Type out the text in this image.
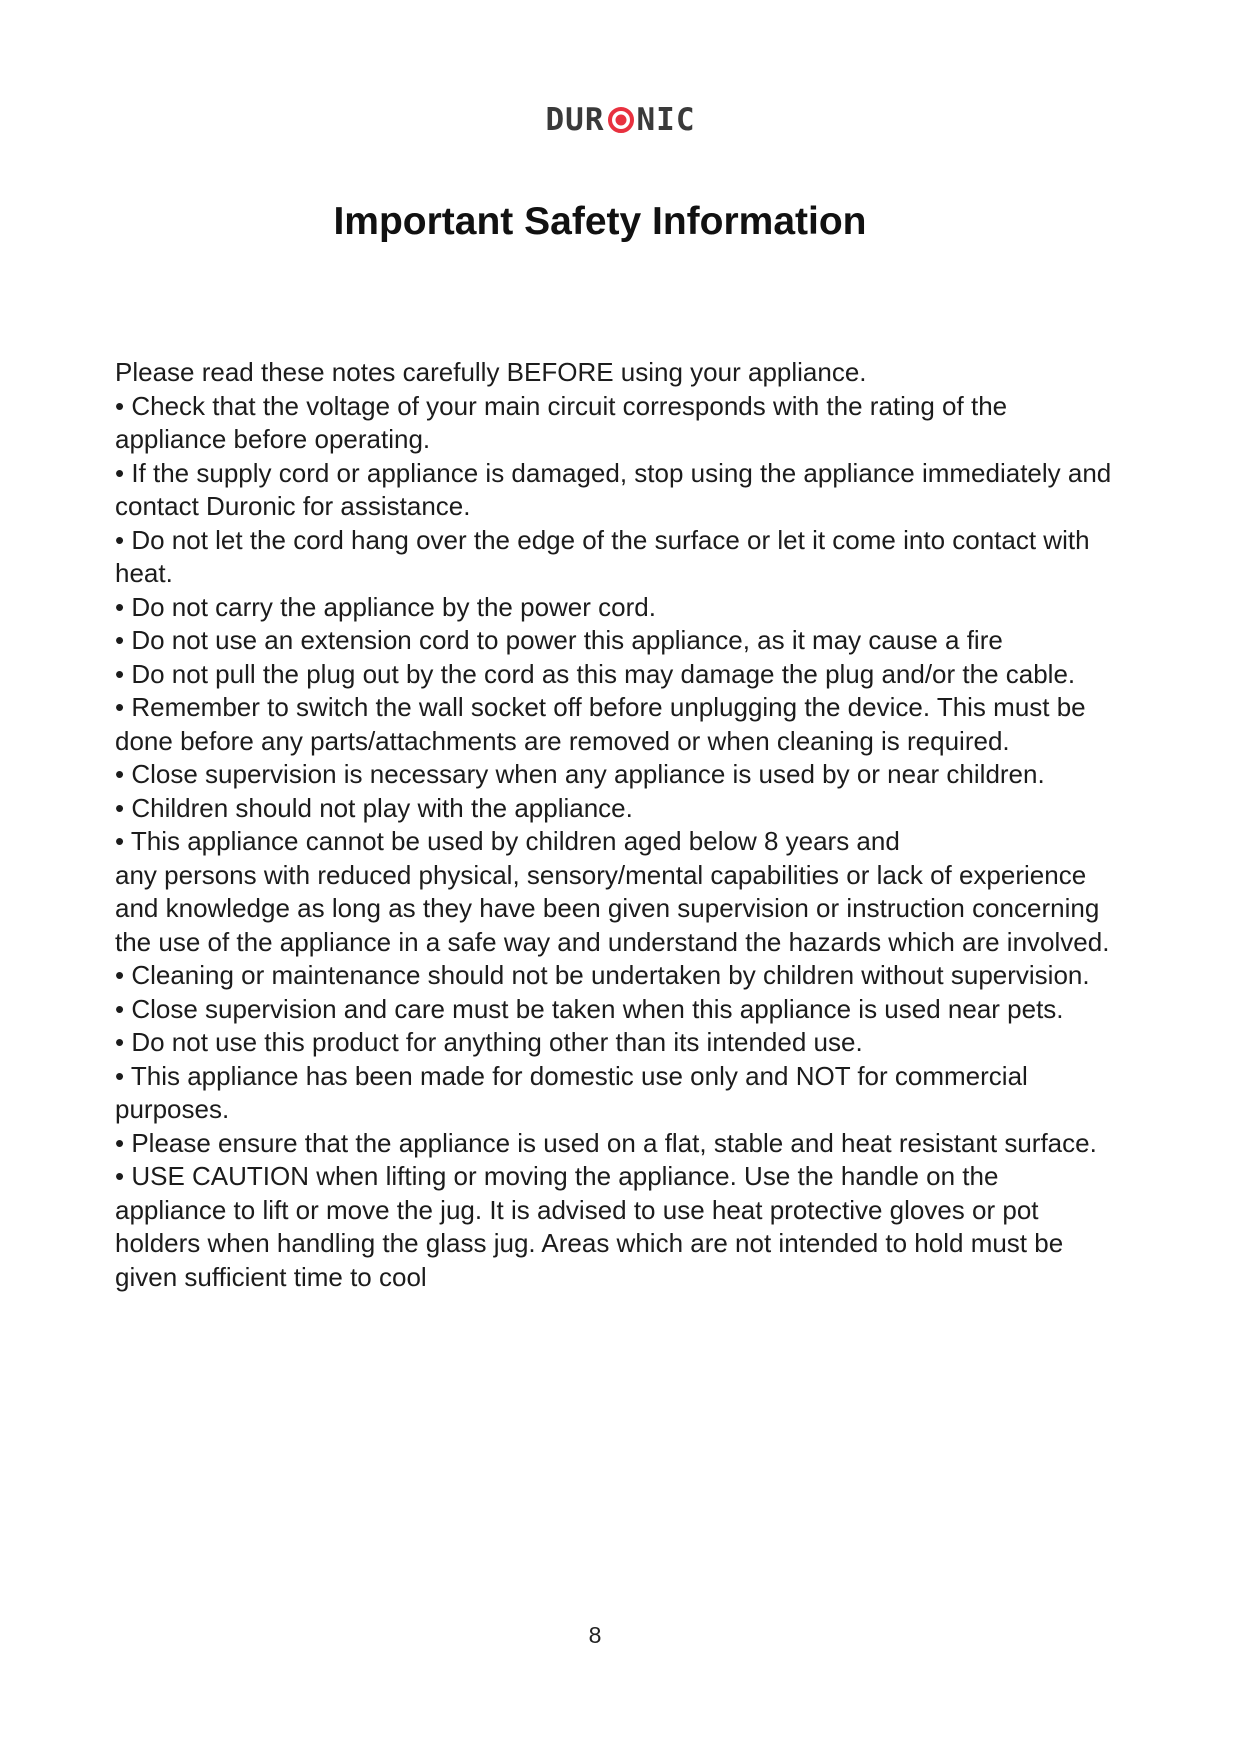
DUR NIC
Important Safety Information

Please read these notes carefully BEFORE using your appliance.

• Check that the voltage of your main circuit corresponds with the rating of the appliance before operating.

• If the supply cord or appliance is damaged, stop using the appliance immediately and contact Duronic for assistance.

• Do not let the cord hang over the edge of the surface or let it come into contact with heat.

• Do not carry the appliance by the power cord.

• Do not use an extension cord to power this appliance, as it may cause a fire

• Do not pull the plug out by the cord as this may damage the plug and/or the cable.

• Remember to switch the wall socket off before unplugging the device. This must be done before any parts/attachments are removed or when cleaning is required.

• Close supervision is necessary when any appliance is used by or near children.

• Children should not play with the appliance.

• This appliance cannot be used by children aged below 8 years and

any persons with reduced physical, sensory/mental capabilities or lack of experience and knowledge as long as they have been given supervision or instruction concerning the use of the appliance in a safe way and understand the hazards which are involved.

• Cleaning or maintenance should not be undertaken by children without supervision.

• Close supervision and care must be taken when this appliance is used near pets.

• Do not use this product for anything other than its intended use.

• This appliance has been made for domestic use only and NOT for commercial purposes.

• Please ensure that the appliance is used on a flat, stable and heat resistant surface.

• USE CAUTION when lifting or moving the appliance. Use the handle on the appliance to lift or move the jug. It is advised to use heat protective gloves or pot holders when handling the glass jug. Areas which are not intended to hold must be given sufficient time to cool

8
